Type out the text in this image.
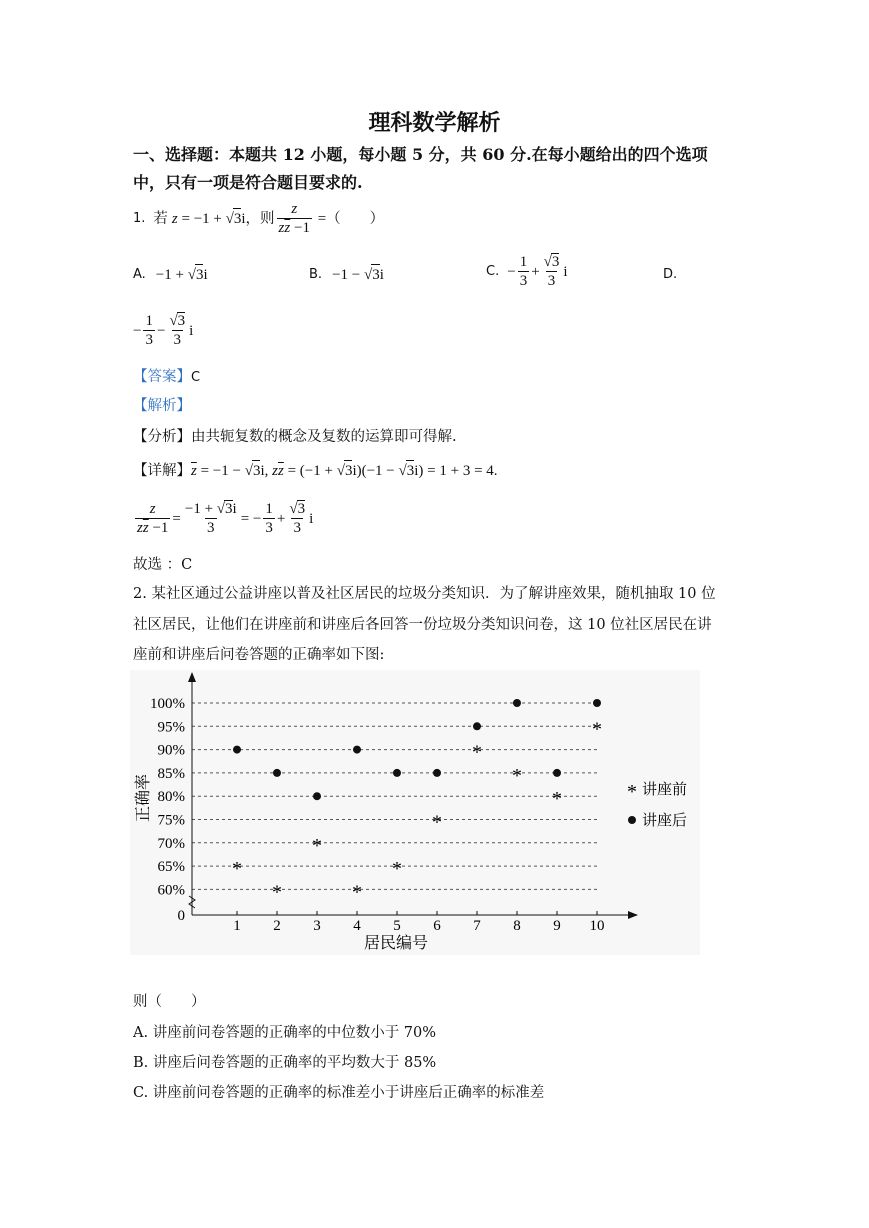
理科数学解析
一、选择题：本题共 12 小题，每小题 5 分，共 60 分.在每小题给出的四个选项
中，只有一项是符合题目要求的.
1. 若 z = −1 + √ 3 i ，则 $\frac{z}{z\overline{z} -1}$ = （　　）
A. −1 + √ 3 i	B. −1 − √ 3 i	C. − $\frac{1}{3} + \frac{√3}{3}$ i	D.
− $\frac{1}{3} - \frac{√3}{3}$ i
【答案】C
【解析】
【分析】由共轭复数的概念及复数的运算即可得解.
【详解】 $\overline{z} = -1$ − √ 3 i, z $\overline{z} = (-1$ + √ 3 i)(−1 − √ 3 i) = 1 + 3 = 4.
$\frac{z}{z\overline{z} -1} = \frac{-1 + √3i}{3}$ = − $\frac{1}{3} + \frac{√3}{3}$ i
故选 ：C
2. 某社区通过公益讲座以普及社区居民的垃圾分类知识．为了解讲座效果，随机抽取 10 位
社区居民，让他们在讲座前和讲座后各回答一份垃圾分类知识问卷，这 10 位社区居民在讲
座前和讲座后问卷答题的正确率如下图:
0
60%
65%
70%
75%
80%
85%
90%
95%
100%
1 2 3 4 5 6 7 8 9 10
*
*
*
*
*
*
*
*
*
*
居民编号
正确率	* 讲座前
讲座后
则（　　）
A. 讲座前问卷答题的正确率的中位数小于 70%
B. 讲座后问卷答题的正确率的平均数大于 85%
C. 讲座前问卷答题的正确率的标准差小于讲座后正确率的标准差
